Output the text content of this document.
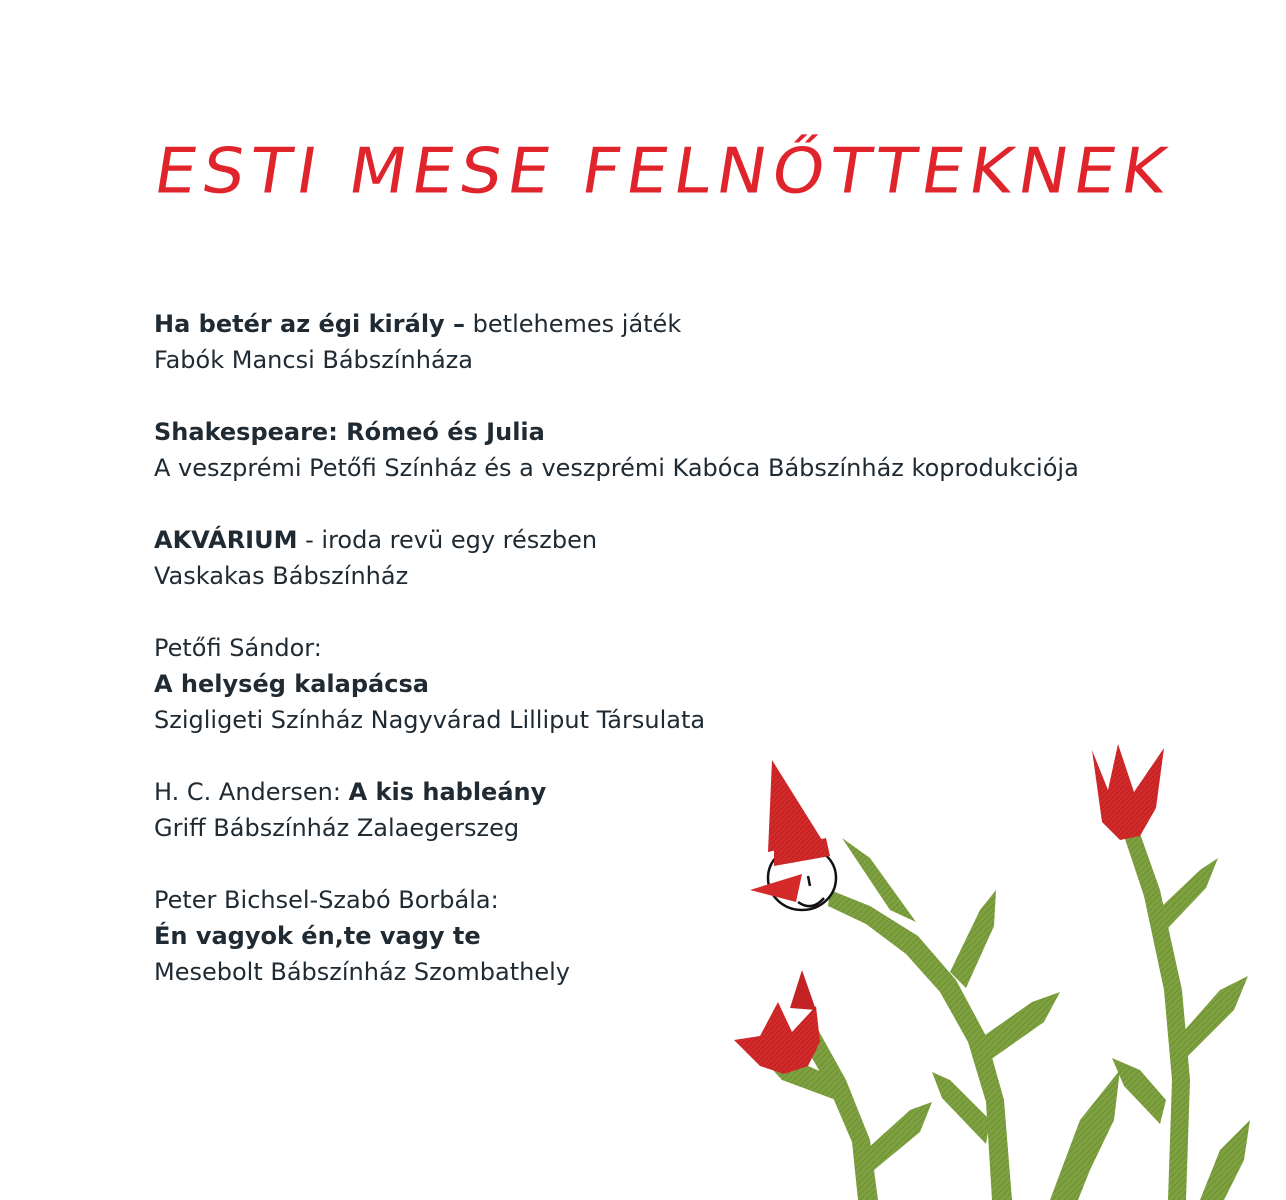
ESTI MESE FELNŐTTEKNEK
Ha betér az égi király – betlehemes játék
Fabók Mancsi Bábszínháza
Shakespeare: Rómeó és Julia
A veszprémi Petőfi Színház és a veszprémi Kabóca Bábszínház koprodukciója
AKVÁRIUM - iroda revü egy részben
Vaskakas Bábszínház
Petőfi Sándor:
A helység kalapácsa
Szigligeti Színház Nagyvárad Lilliput Társulata
H. C. Andersen: A kis hableány
Griff Bábszínház Zalaegerszeg
Peter Bichsel-Szabó Borbála:
Én vagyok én,te vagy te
Mesebolt Bábszínház Szombathely
